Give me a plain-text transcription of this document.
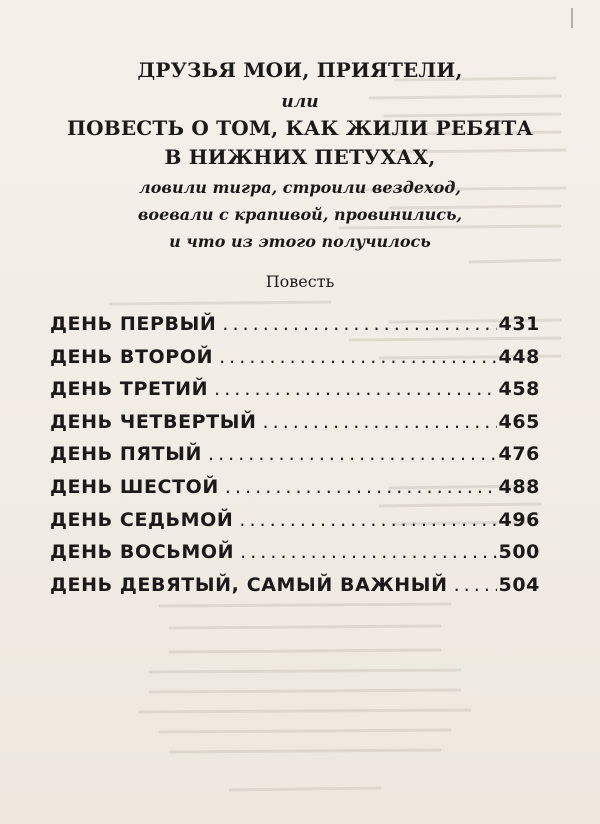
ДРУЗЬЯ МОИ, ПРИЯТЕЛИ,
или
ПОВЕСТЬ О ТОМ, КАК ЖИЛИ РЕБЯТА
В НИЖНИХ ПЕТУХАХ,
ловили тигра, строили вездеход,
воевали с крапивой, провинились,
и что из этого получилось
Повесть
ДЕНЬ ПЕРВЫЙ . . .	431
ДЕНЬ ВТОРОЙ . . .	448
ДЕНЬ ТРЕТИЙ . . .	458
ДЕНЬ ЧЕТВЕРТЫЙ . . .	465
ДЕНЬ ПЯТЫЙ . . .	476
ДЕНЬ ШЕСТОЙ . . .	488
ДЕНЬ СЕДЬМОЙ . . .	496
ДЕНЬ ВОСЬМОЙ . . .	500
ДЕНЬ ДЕВЯТЫЙ, САМЫЙ ВАЖНЫЙ . . .	504
